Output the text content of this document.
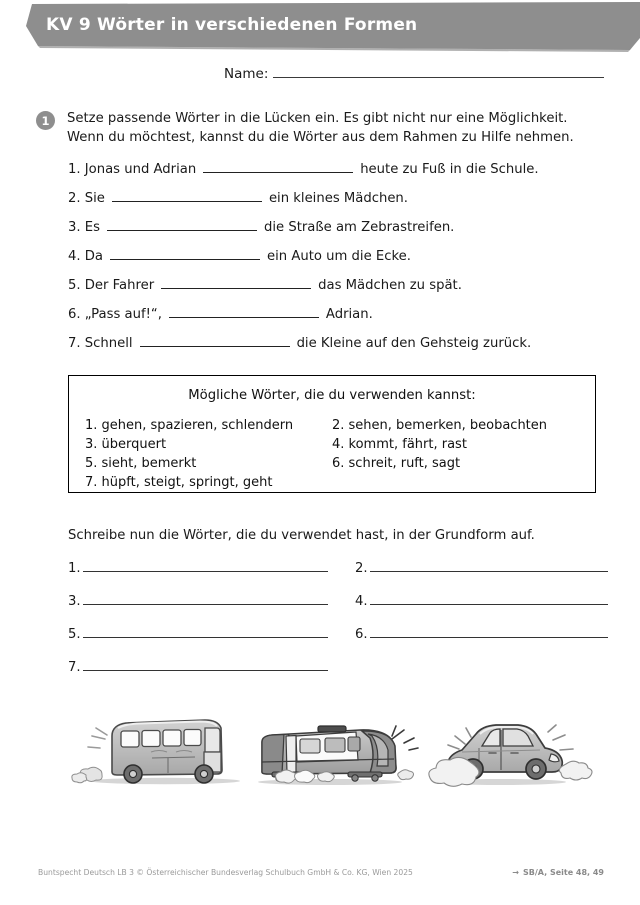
KV 9 Wörter in verschiedenen Formen
Name:
1	Setze passende Wörter in die Lücken ein. Es gibt nicht nur eine Möglichkeit.
Wenn du möchtest, kannst du die Wörter aus dem Rahmen zu Hilfe nehmen.
1. Jonas und Adrian	heute zu Fuß in die Schule.
2. Sie	ein kleines Mädchen.
3. Es	die Straße am Zebrastreifen.
4. Da	ein Auto um die Ecke.
5. Der Fahrer	das Mädchen zu spät.
6. „Pass auf!“,	Adrian.
7. Schnell	die Kleine auf den Gehsteig zurück.
Mögliche Wörter, die du verwenden kannst:
1. gehen, spazieren, schlendern
3. überquert
5. sieht, bemerkt
7. hüpft, steigt, springt, geht
2. sehen, bemerken, beobachten
4. kommt, fährt, rast
6. schreit, ruft, sagt
Schreibe nun die Wörter, die du verwendet hast, in der Grundform auf.
1.	2.
3.	4.
5.	6.
7.
Buntspecht Deutsch LB 3 © Österreichischer Bundesverlag Schulbuch GmbH & Co. KG, Wien 2025	→ SB/A, Seite 48, 49
